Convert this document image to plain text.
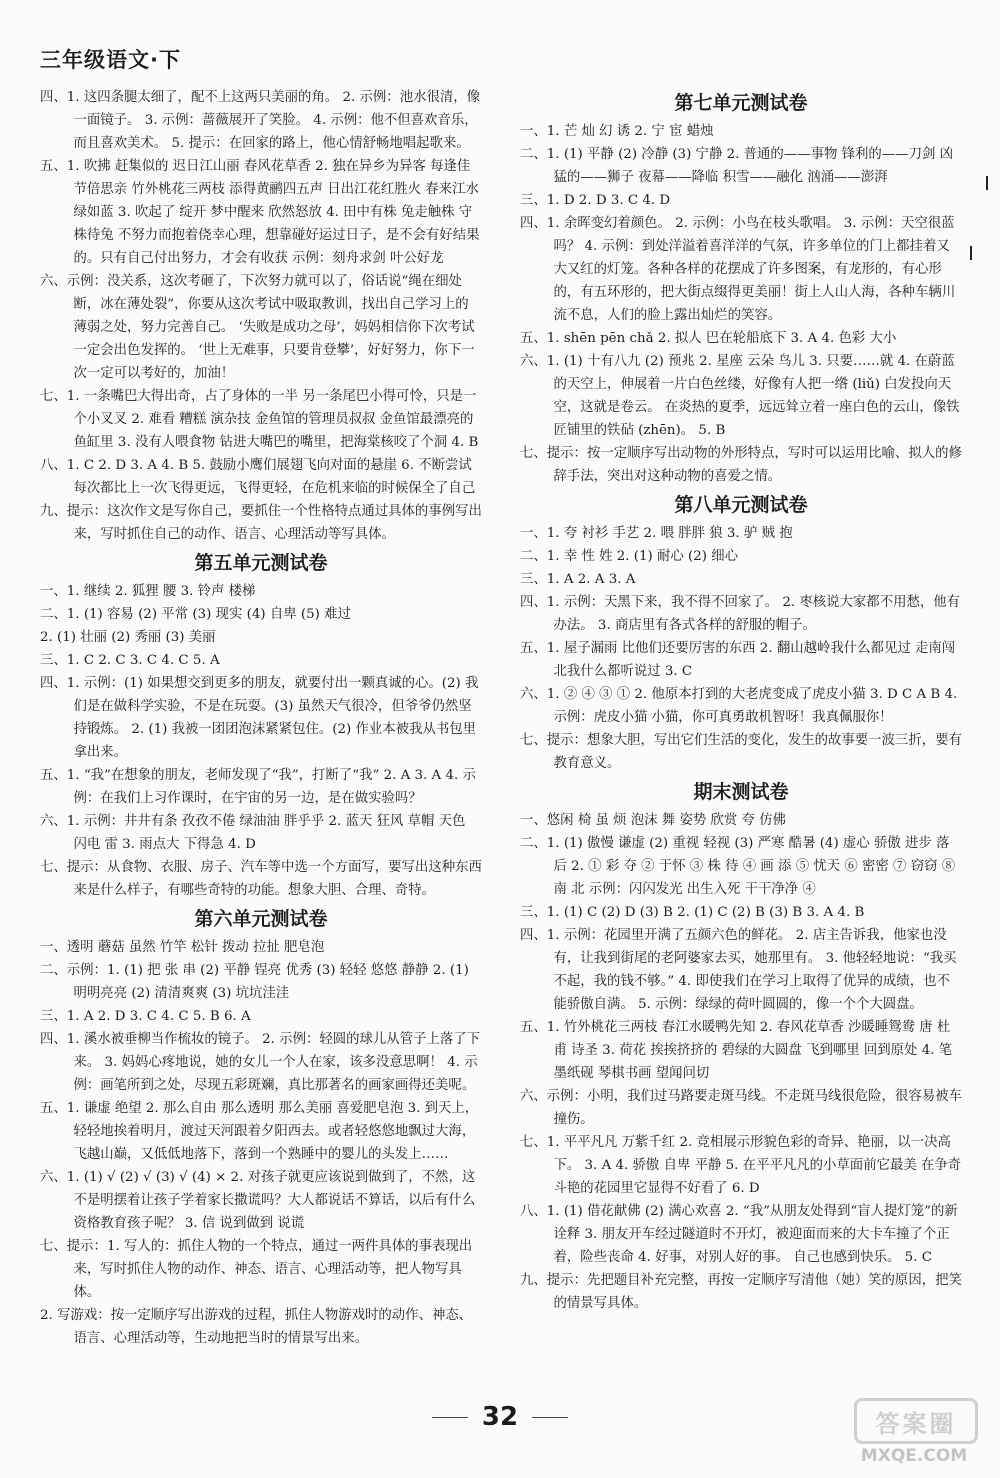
三年级语文·下
四、1. 这四条腿太细了，配不上这两只美丽的角。 2. 示例：池水很清，像一面镜子。 3. 示例：蔷薇展开了笑脸。 4. 示例：他不但喜欢音乐，而且喜欢美术。 5. 提示：在回家的路上，他心情舒畅地唱起歌来。
五、1. 吹拂 赶集似的 迟日江山丽 春风花草香 2. 独在异乡为异客 每逢佳节倍思亲 竹外桃花三两枝 添得黄鹂四五声 日出江花红胜火 春来江水绿如蓝 3. 吹起了 绽开 梦中醒来 欣然怒放 4. 田中有株 兔走触株 守株待兔 不努力而抱着侥幸心理，想靠碰好运过日子，是不会有好结果的。只有自己付出努力，才会有收获 示例：刻舟求剑 叶公好龙
六、示例：没关系，这次考砸了，下次努力就可以了，俗话说“绳在细处断，冰在薄处裂”，你要从这次考试中吸取教训，找出自己学习上的薄弱之处，努力完善自己。 ‘失败是成功之母’，妈妈相信你下次考试一定会出色发挥的。 ‘世上无难事，只要肯登攀’，好好努力，你下一次一定可以考好的，加油！
七、1. 一条嘴巴大得出奇，占了身体的一半 另一条尾巴小得可怜，只是一个小叉叉 2. 难看 糟糕 演杂技 金鱼馆的管理员叔叔 金鱼馆最漂亮的鱼缸里 3. 没有人喂食物 钻进大嘴巴的嘴里，把海棠核咬了个洞 4. B
八、1. C 2. D 3. A 4. B 5. 鼓励小鹰们展翅飞向对面的悬崖 6. 不断尝试 每次都比上一次飞得更远，飞得更轻，在危机来临的时候保全了自己
九、提示：这次作文是写你自己，要抓住一个性格特点通过具体的事例写出来，写时抓住自己的动作、语言、心理活动等写具体。
第五单元测试卷
一、1. 继续 2. 狐狸 腰 3. 铃声 楼梯
二、1. (1) 容易 (2) 平常 (3) 现实 (4) 自卑 (5) 难过
2. (1) 壮丽 (2) 秀丽 (3) 美丽
三、1. C 2. C 3. C 4. C 5. A
四、1. 示例：(1) 如果想交到更多的朋友，就要付出一颗真诚的心。(2) 我们是在做科学实验，不是在玩耍。(3) 虽然天气很冷，但爷爷仍然坚持锻炼。 2. (1) 我被一团团泡沫紧紧包住。(2) 作业本被我从书包里拿出来。
五、1. “我”在想象的朋友，老师发现了“我”，打断了“我” 2. A 3. A 4. 示例：在我们上习作课时，在宇宙的另一边，是在做实验吗？
六、1. 示例：井井有条 孜孜不倦 绿油油 胖乎乎 2. 蓝天 狂风 草帽 天色 闪电 雷 3. 雨点大 下得急 4. D
七、提示：从食物、衣服、房子、汽车等中选一个方面写，要写出这种东西来是什么样子，有哪些奇特的功能。想象大胆、合理、奇特。
第六单元测试卷
一、透明 蘑菇 虽然 竹竿 松针 拨动 拉扯 肥皂泡
二、示例：1. (1) 把 张 串 (2) 平静 锃亮 优秀 (3) 轻轻 悠悠 静静 2. (1) 明明亮亮 (2) 清清爽爽 (3) 坑坑洼洼
三、1. A 2. D 3. C 4. C 5. B 6. A
四、1. 溪水被垂柳当作梳妆的镜子。 2. 示例：轻圆的球儿从管子上落了下来。 3. 妈妈心疼地说，她的女儿一个人在家，该多没意思啊！ 4. 示例：画笔所到之处，尽现五彩斑斓，真比那著名的画家画得还美呢。
五、1. 谦虚 绝望 2. 那么自由 那么透明 那么美丽 喜爱肥皂泡 3. 到天上，轻轻地挨着明月，渡过天河跟着夕阳西去。或者轻悠悠地飘过大海，飞越山巅，又低低地落下，落到一个熟睡中的婴儿的头发上……
六、1. (1) √ (2) √ (3) √ (4) × 2. 对孩子就更应该说到做到了，不然，这不是明摆着让孩子学着家长撒谎吗？大人都说话不算话，以后有什么资格教育孩子呢？ 3. 信 说到做到 说谎
七、提示：1. 写人的：抓住人物的一个特点，通过一两件具体的事表现出来，写时抓住人物的动作、神态、语言、心理活动等，把人物写具体。
2. 写游戏：按一定顺序写出游戏的过程，抓住人物游戏时的动作、神态、语言、心理活动等，生动地把当时的情景写出来。
第七单元测试卷
一、1. 芒 灿 幻 诱 2. 宁 宦 蜡烛
二、1. (1) 平静 (2) 冷静 (3) 宁静 2. 普通的——事物 锋利的——刀剑 凶猛的——狮子 夜幕——降临 积雪——融化 汹涌——澎湃
三、1. D 2. D 3. C 4. D
四、1. 余晖变幻着颜色。 2. 示例：小鸟在枝头歌唱。 3. 示例：天空很蓝吗？ 4. 示例：到处洋溢着喜洋洋的气氛，许多单位的门上都挂着又大又红的灯笼。各种各样的花摆成了许多图案，有龙形的，有心形的，有五环形的，把大街点缀得更美丽！街上人山人海，各种车辆川流不息，人们的脸上露出灿烂的笑容。
五、1. shēn pēn chǎ 2. 拟人 巴在轮船底下 3. A 4. 色彩 大小
六、1. (1) 十有八九 (2) 预兆 2. 星座 云朵 鸟儿 3. 只要……就 4. 在蔚蓝的天空上，伸展着一片白色丝缕，好像有人把一绺 (liǔ) 白发投向天空，这就是卷云。 在炎热的夏季，远远耸立着一座白色的云山，像铁匠铺里的铁砧 (zhēn)。 5. B
七、提示：按一定顺序写出动物的外形特点，写时可以运用比喻、拟人的修辞手法，突出对这种动物的喜爱之情。
第八单元测试卷
一、1. 夸 衬衫 手艺 2. 喂 胖胖 狼 3. 驴 贼 抱
二、1. 幸 性 姓 2. (1) 耐心 (2) 细心
三、1. A 2. A 3. A
四、1. 示例：天黑下来，我不得不回家了。 2. 枣核说大家都不用愁，他有办法。 3. 商店里有各式各样的舒服的帽子。
五、1. 屋子漏雨 比他们还要厉害的东西 2. 翻山越岭我什么都见过 走南闯北我什么都听说过 3. C
六、1. ② ④ ③ ① 2. 他原本打到的大老虎变成了虎皮小猫 3. D C A B 4. 示例：虎皮小猫 小猫，你可真勇敢机智呀！我真佩服你！
七、提示：想象大胆，写出它们生活的变化，发生的故事要一波三折，要有教育意义。
期末测试卷
一、悠闲 椅 虽 烦 泡沫 舞 姿势 欣赏 夸 仿佛
二、1. (1) 傲慢 谦虚 (2) 重视 轻视 (3) 严寒 酷暑 (4) 虚心 骄傲 进步 落后 2. ① 彩 夺 ② 于怀 ③ 株 待 ④ 画 添 ⑤ 忧天 ⑥ 密密 ⑦ 窃窃 ⑧ 南 北 示例：闪闪发光 出生入死 干干净净 ④
三、1. (1) C (2) D (3) B 2. (1) C (2) B (3) B 3. A 4. B
四、1. 示例：花园里开满了五颜六色的鲜花。 2. 店主告诉我，他家也没有，让我到街尾的老阿婆家去买，她那里有。 3. 他轻轻地说：“我买不起，我的钱不够。” 4. 即使我们在学习上取得了优异的成绩，也不能骄傲自满。 5. 示例：绿绿的荷叶圆圆的，像一个个大圆盘。
五、1. 竹外桃花三两枝 春江水暖鸭先知 2. 春风花草香 沙暖睡鸳鸯 唐 杜甫 诗圣 3. 荷花 挨挨挤挤的 碧绿的大圆盘 飞到哪里 回到原处 4. 笔墨纸砚 琴棋书画 望闻问切
六、示例：小明，我们过马路要走斑马线。不走斑马线很危险，很容易被车撞伤。
七、1. 平平凡凡 万紫千红 2. 竞相展示形貌色彩的奇异、艳丽，以一决高下。 3. A 4. 骄傲 自卑 平静 5. 在平平凡凡的小草面前它最美 在争奇斗艳的花园里它显得不好看了 6. D
八、1. (1) 借花献佛 (2) 满心欢喜 2. “我”从朋友处得到“盲人提灯笼”的新诠释 3. 朋友开车经过隧道时不开灯，被迎面而来的大卡车撞了个正着，险些丧命 4. 好事，对别人好的事。 自己也感到快乐。 5. C
九、提示：先把题目补充完整，再按一定顺序写清他（她）笑的原因，把笑的情景写具体。
32	答案圈
MXQE.COM
